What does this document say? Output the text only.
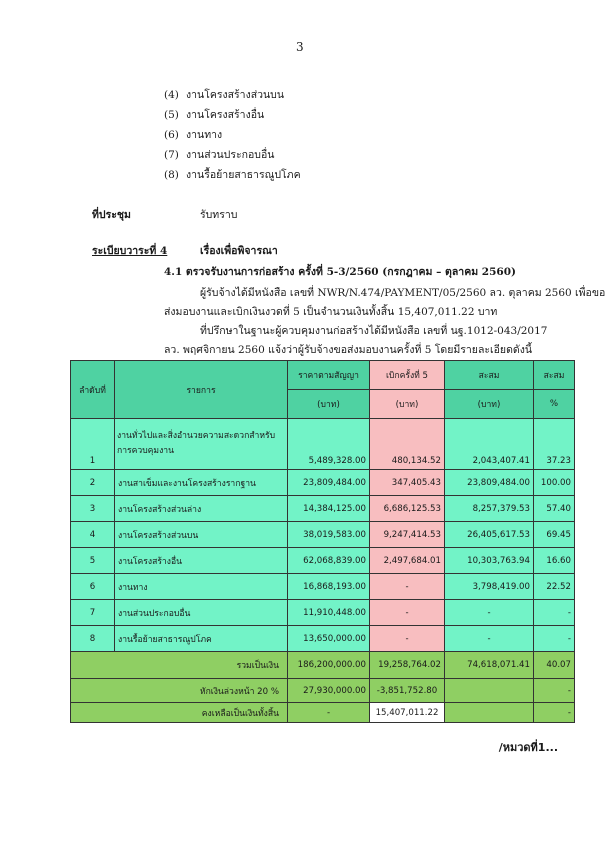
3
(4) งานโครงสร้างส่วนบน
(5) งานโครงสร้างอื่น
(6) งานทาง
(7) งานส่วนประกอบอื่น
(8) งานรื้อย้ายสาธารณูปโภค
ที่ประชุม	รับทราบ
ระเบียบวาระที่ 4	เรื่องเพื่อพิจารณา
4.1 ตรวจรับงานการก่อสร้าง ครั้งที่ 5-3/2560 (กรกฎาคม – ตุลาคม 2560)
ผู้รับจ้างได้มีหนังสือ เลขที่ NWR/N.474/PAYMENT/05/2560 ลว. ตุลาคม 2560 เพื่อขอ
ส่งมอบงานและเบิกเงินงวดที่ 5 เป็นจำนวนเงินทั้งสิ้น 15,407,011.22 บาท
ที่ปรึกษาในฐานะผู้ควบคุมงานก่อสร้างได้มีหนังสือ เลขที่ นฐ.1012-043/2017
ลว. พฤศจิกายน 2560 แจ้งว่าผู้รับจ้างขอส่งมอบงานครั้งที่ 5 โดยมีรายละเอียดดังนี้
ลำดับที่	รายการ	ราคาตามสัญญา	เบิกครั้งที่ 5	สะสม	สะสม
		(บาท)	(บาท)	(บาท)	%
1	งานทั่วไปและสิ่งอำนวยความสะดวกสำหรับการควบคุมงาน	5,489,328.00	480,134.52	2,043,407.41	37.23
2	งานสาเข็มและงานโครงสร้างรากฐาน	23,809,484.00	347,405.43	23,809,484.00	100.00
3	งานโครงสร้างส่วนล่าง	14,384,125.00	6,686,125.53	8,257,379.53	57.40
4	งานโครงสร้างส่วนบน	38,019,583.00	9,247,414.53	26,405,617.53	69.45
5	งานโครงสร้างอื่น	62,068,839.00	2,497,684.01	10,303,763.94	16.60
6	งานทาง	16,868,193.00	-	3,798,419.00	22.52
7	งานส่วนประกอบอื่น	11,910,448.00	-	-	-
8	งานรื้อย้ายสาธารณูปโภค	13,650,000.00	-	-	-
รวมเป็นเงิน		186,200,000.00	19,258,764.02	74,618,071.41	40.07
หักเงินล่วงหน้า 20 %		27,930,000.00	-3,851,752.80		-
คงเหลือเป็นเงินทั้งสิ้น		-	15,407,011.22		-
/หมวดที่1...
